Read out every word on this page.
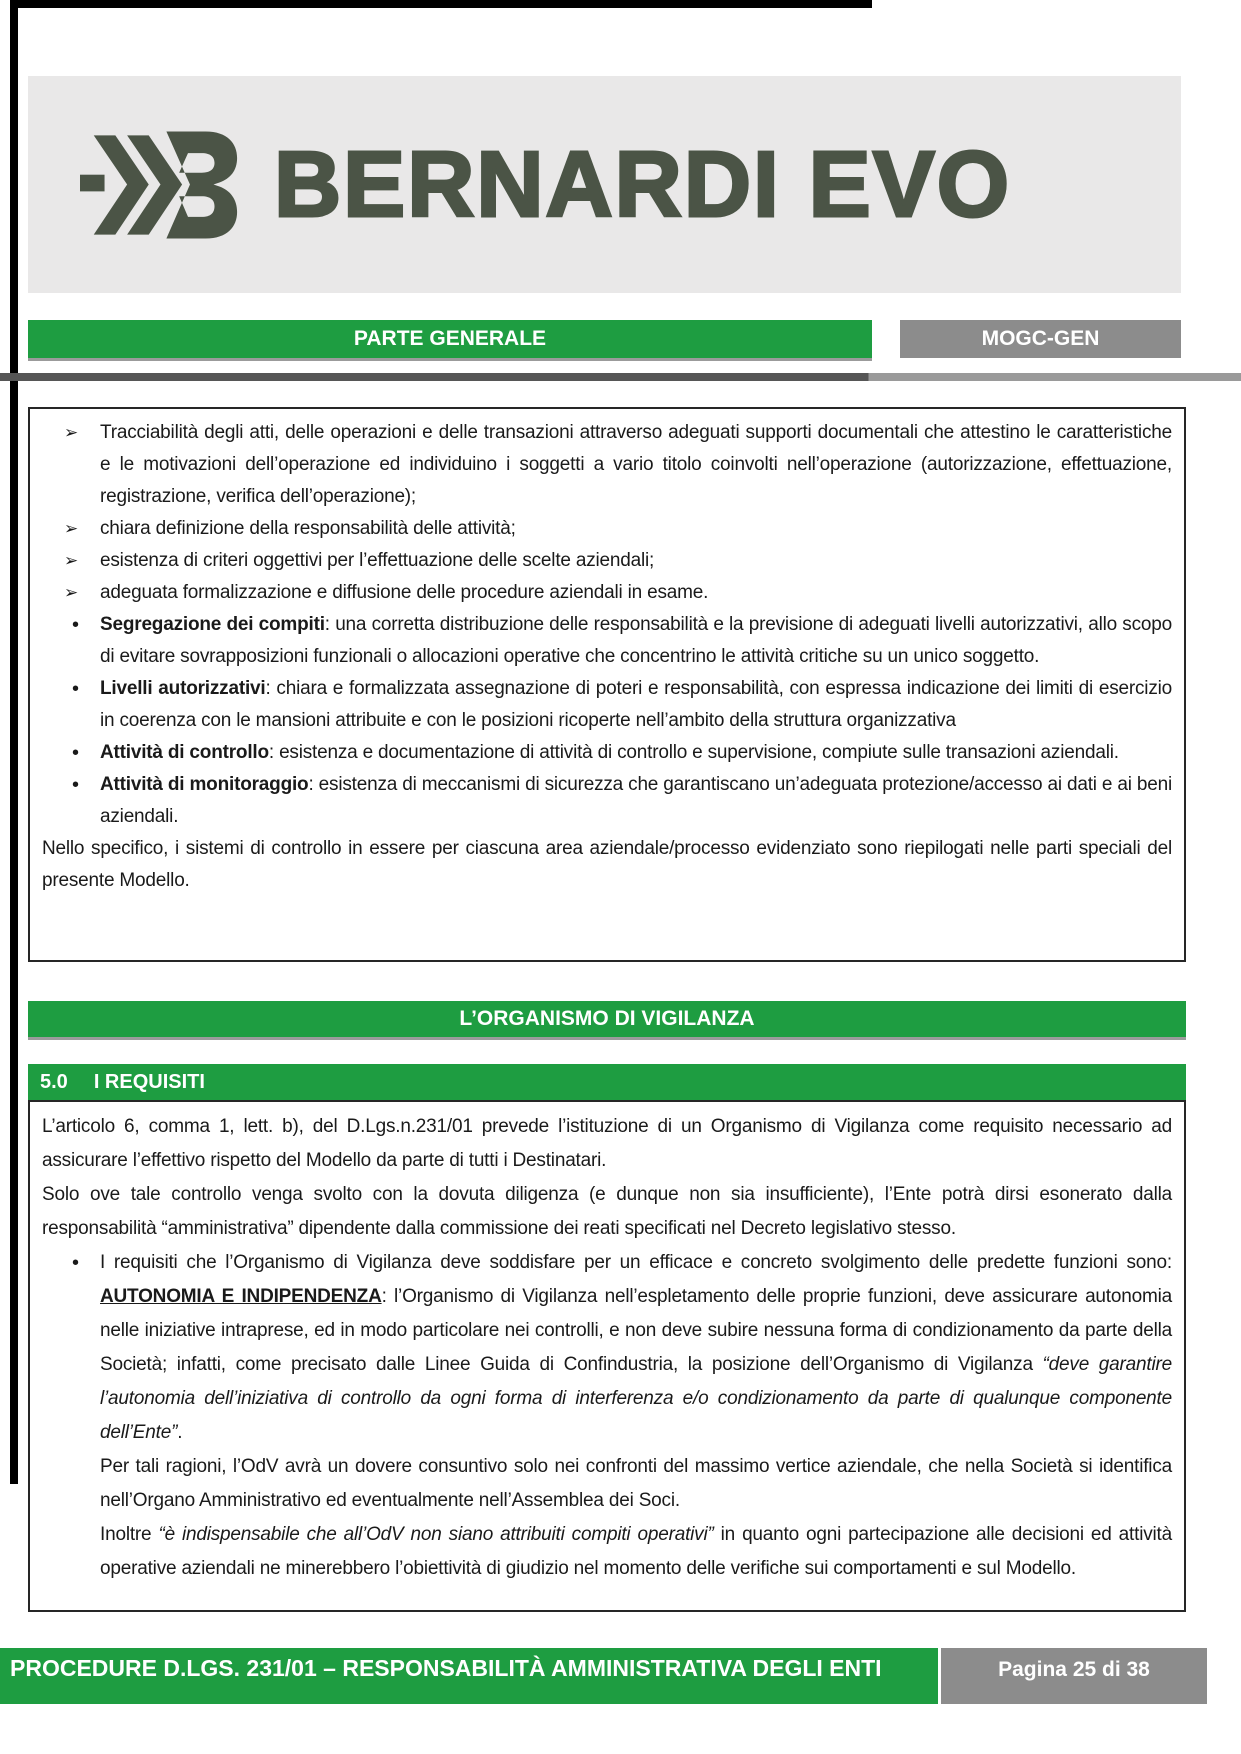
BERNARDI EVO
PARTE GENERALE	MOGC-GEN
➢ Tracciabilità degli atti, delle operazioni e delle transazioni attraverso adeguati supporti documentali che attestino le caratteristiche e le motivazioni dell’operazione ed individuino i soggetti a vario titolo coinvolti nell’operazione (autorizzazione, effettuazione, registrazione, verifica dell’operazione);
➢ chiara definizione della responsabilità delle attività;
➢ esistenza di criteri oggettivi per l’effettuazione delle scelte aziendali;
➢ adeguata formalizzazione e diffusione delle procedure aziendali in esame.
• Segregazione dei compiti: una corretta distribuzione delle responsabilità e la previsione di adeguati livelli autorizzativi, allo scopo di evitare sovrapposizioni funzionali o allocazioni operative che concentrino le attività critiche su un unico soggetto.
• Livelli autorizzativi: chiara e formalizzata assegnazione di poteri e responsabilità, con espressa indicazione dei limiti di esercizio in coerenza con le mansioni attribuite e con le posizioni ricoperte nell’ambito della struttura organizzativa
• Attività di controllo: esistenza e documentazione di attività di controllo e supervisione, compiute sulle transazioni aziendali.
• Attività di monitoraggio: esistenza di meccanismi di sicurezza che garantiscano un’adeguata protezione/accesso ai dati e ai beni aziendali.

Nello specifico, i sistemi di controllo in essere per ciascuna area aziendale/processo evidenziato sono riepilogati nelle parti speciali del presente Modello.

L’ORGANISMO DI VIGILANZA
5.0 I REQUISITI

L’articolo 6, comma 1, lett. b), del D.Lgs.n.231/01 prevede l’istituzione di un Organismo di Vigilanza come requisito necessario ad assicurare l’effettivo rispetto del Modello da parte di tutti i Destinatari.

Solo ove tale controllo venga svolto con la dovuta diligenza (e dunque non sia insufficiente), l’Ente potrà dirsi esonerato dalla responsabilità “amministrativa” dipendente dalla commissione dei reati specificati nel Decreto legislativo stesso.

• I requisiti che l’Organismo di Vigilanza deve soddisfare per un efficace e concreto svolgimento delle predette funzioni sono: AUTONOMIA E INDIPENDENZA: l’Organismo di Vigilanza nell’espletamento delle proprie funzioni, deve assicurare autonomia nelle iniziative intraprese, ed in modo particolare nei controlli, e non deve subire nessuna forma di condizionamento da parte della Società; infatti, come precisato dalle Linee Guida di Confindustria, la posizione dell’Organismo di Vigilanza “deve garantire l’autonomia dell’iniziativa di controllo da ogni forma di interferenza e/o condizionamento da parte di qualunque componente dell’Ente”.

Per tali ragioni, l’OdV avrà un dovere consuntivo solo nei confronti del massimo vertice aziendale, che nella Società si identifica nell’Organo Amministrativo ed eventualmente nell’Assemblea dei Soci.

Inoltre “è indispensabile che all’OdV non siano attribuiti compiti operativi” in quanto ogni partecipazione alle decisioni ed attività operative aziendali ne minerebbero l’obiettività di giudizio nel momento delle verifiche sui comportamenti e sul Modello.

PROCEDURE D.LGS. 231/01 – RESPONSABILITÀ AMMINISTRATIVA DEGLI ENTI	Pagina 25 di 38
